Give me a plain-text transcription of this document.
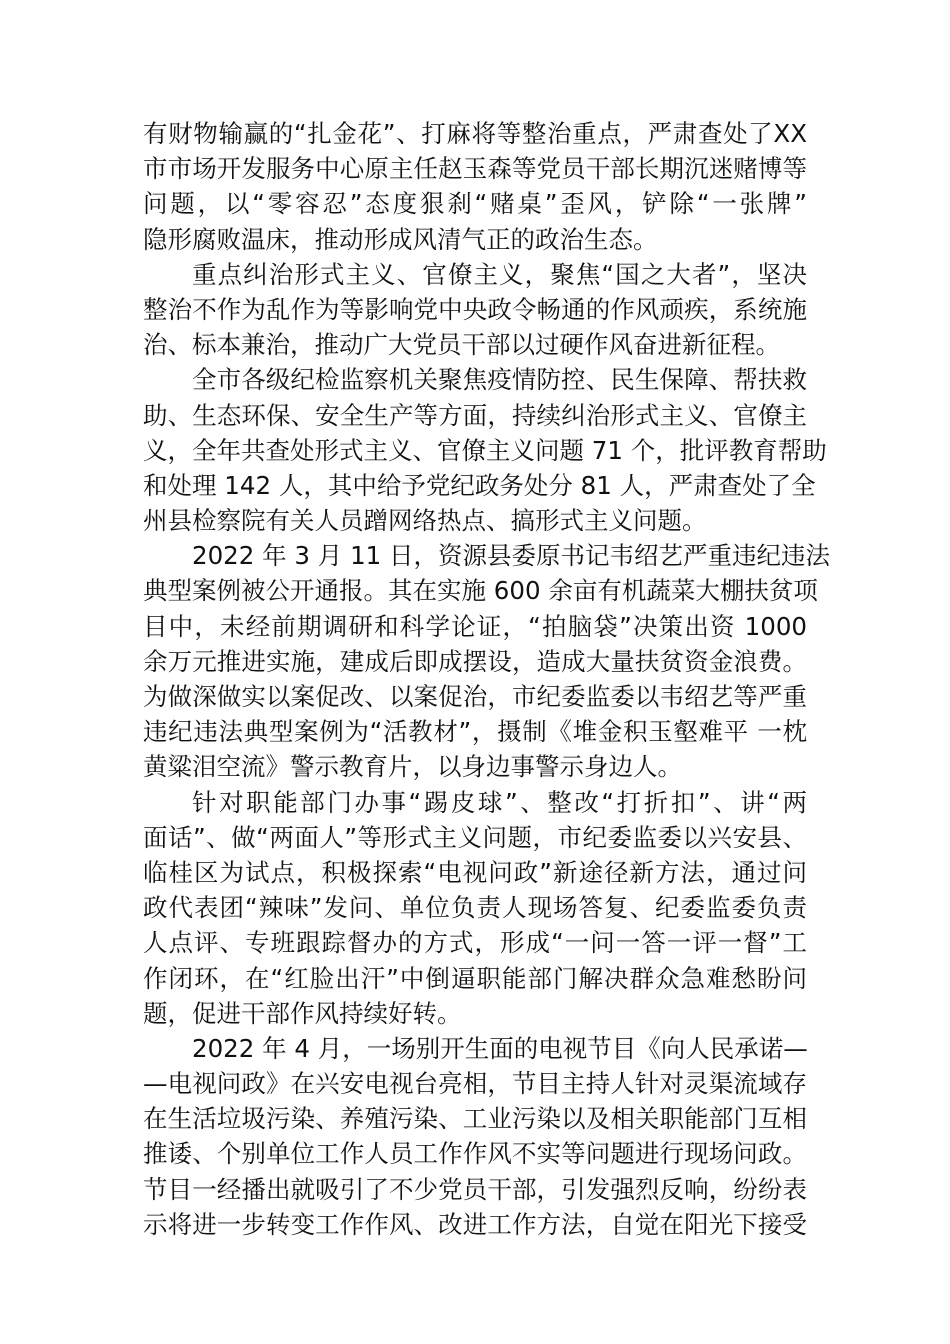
有财物输赢的“扎金花”、打麻将等整治重点，严肃查处了XX
市市场开发服务中心原主任赵玉森等党员干部长期沉迷赌博等
问题，以“零容忍”态度狠刹“赌桌”歪风，铲除“一张牌”
隐形腐败温床，推动形成风清气正的政治生态。
重点纠治形式主义、官僚主义，聚焦“国之大者”，坚决
整治不作为乱作为等影响党中央政令畅通的作风顽疾，系统施
治、标本兼治，推动广大党员干部以过硬作风奋进新征程。
全市各级纪检监察机关聚焦疫情防控、民生保障、帮扶救
助、生态环保、安全生产等方面，持续纠治形式主义、官僚主
义，全年共查处形式主义、官僚主义问题 71 个，批评教育帮助
和处理 142 人，其中给予党纪政务处分 81 人，严肃查处了全
州县检察院有关人员蹭网络热点、搞形式主义问题。
2022 年 3 月 11 日，资源县委原书记韦绍艺严重违纪违法
典型案例被公开通报。其在实施 600 余亩有机蔬菜大棚扶贫项
目中，未经前期调研和科学论证，“拍脑袋”决策出资 1000
余万元推进实施，建成后即成摆设，造成大量扶贫资金浪费。
为做深做实以案促改、以案促治，市纪委监委以韦绍艺等严重
违纪违法典型案例为“活教材”，摄制《堆金积玉壑难平 一枕
黄粱泪空流》警示教育片，以身边事警示身边人。
针对职能部门办事“踢皮球”、整改“打折扣”、讲“两
面话”、做“两面人”等形式主义问题，市纪委监委以兴安县、
临桂区为试点，积极探索“电视问政”新途径新方法，通过问
政代表团“辣味”发问、单位负责人现场答复、纪委监委负责
人点评、专班跟踪督办的方式，形成“一问一答一评一督”工
作闭环，在“红脸出汗”中倒逼职能部门解决群众急难愁盼问
题，促进干部作风持续好转。
2022 年 4 月，一场别开生面的电视节目《向人民承诺—
—电视问政》在兴安电视台亮相，节目主持人针对灵渠流域存
在生活垃圾污染、养殖污染、工业污染以及相关职能部门互相
推诿、个别单位工作人员工作作风不实等问题进行现场问政。
节目一经播出就吸引了不少党员干部，引发强烈反响，纷纷表
示将进一步转变工作作风、改进工作方法，自觉在阳光下接受
